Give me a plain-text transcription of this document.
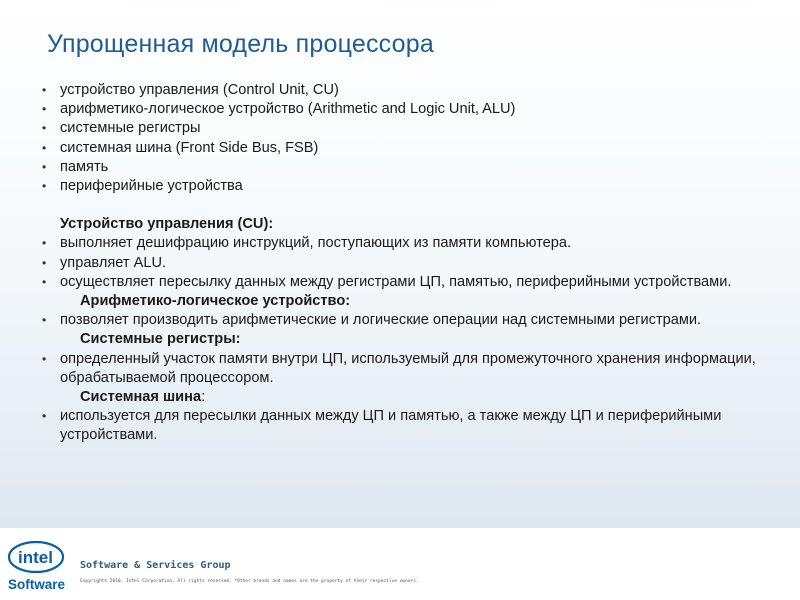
Упрощенная модель процессора
• устройство управления (Control Unit, CU)
• арифметико-логическое устройство (Arithmetic and Logic Unit, ALU)
• системные регистры
• системная шина (Front Side Bus, FSB)
• память
• периферийные устройства
Устройство управления (CU):
• выполняет дешифрацию инструкций, поступающих из памяти компьютера.
• управляет ALU.
• осуществляет пересылку данных между регистрами ЦП, памятью, периферийными устройствами.
Арифметико-логическое устройство:
• позволяет производить арифметические и логические операции над системными регистрами.
Системные регистры:
• определенный участок памяти внутри ЦП, используемый для промежуточного хранения информации, обрабатываемой процессором.
Системная шина:
• используется для пересылки данных между ЦП и памятью, а также между ЦП и периферийными устройствами.
intel
Software
Software & Services Group
Copyright© 2010, Intel Corporation. All rights reserved. *Other brands and names are the property of their respective owners.
